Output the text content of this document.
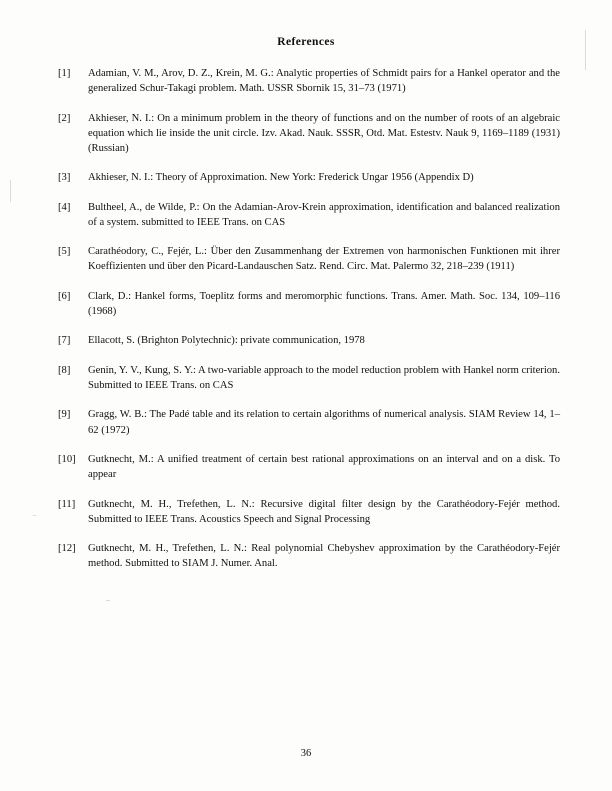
References
[1]	Adamian, V. M., Arov, D. Z., Krein, M. G.: Analytic properties of Schmidt pairs for a Hankel operator and the generalized Schur-Takagi problem. Math. USSR Sbornik 15, 31–73 (1971)
[2]	Akhieser, N. I.: On a minimum problem in the theory of functions and on the number of roots of an algebraic equation which lie inside the unit circle. Izv. Akad. Nauk. SSSR, Otd. Mat. Estestv. Nauk 9, 1169–1189 (1931) (Russian)
[3]	Akhieser, N. I.: Theory of Approximation. New York: Frederick Ungar 1956 (Appendix D)
[4]	Bultheel, A., de Wilde, P.: On the Adamian-Arov-Krein approximation, identification and balanced realization of a system. submitted to IEEE Trans. on CAS
[5]	Carathéodory, C., Fejér, L.: Über den Zusammenhang der Extremen von harmonischen Funktionen mit ihrer Koeffizienten und über den Picard-Landauschen Satz. Rend. Circ. Mat. Palermo 32, 218–239 (1911)
[6]	Clark, D.: Hankel forms, Toeplitz forms and meromorphic functions. Trans. Amer. Math. Soc. 134, 109–116 (1968)
[7]	Ellacott, S. (Brighton Polytechnic): private communication, 1978
[8]	Genin, Y. V., Kung, S. Y.: A two-variable approach to the model reduction problem with Hankel norm criterion. Submitted to IEEE Trans. on CAS
[9]	Gragg, W. B.: The Padé table and its relation to certain algorithms of numerical analysis. SIAM Review 14, 1–62 (1972)
[10]	Gutknecht, M.: A unified treatment of certain best rational approximations on an interval and on a disk. To appear
[11]	Gutknecht, M. H., Trefethen, L. N.: Recursive digital filter design by the Carathéodory-Fejér method. Submitted to IEEE Trans. Acoustics Speech and Signal Processing
[12]	Gutknecht, M. H., Trefethen, L. N.: Real polynomial Chebyshev approximation by the Carathéodory-Fejér method. Submitted to SIAM J. Numer. Anal.
36
